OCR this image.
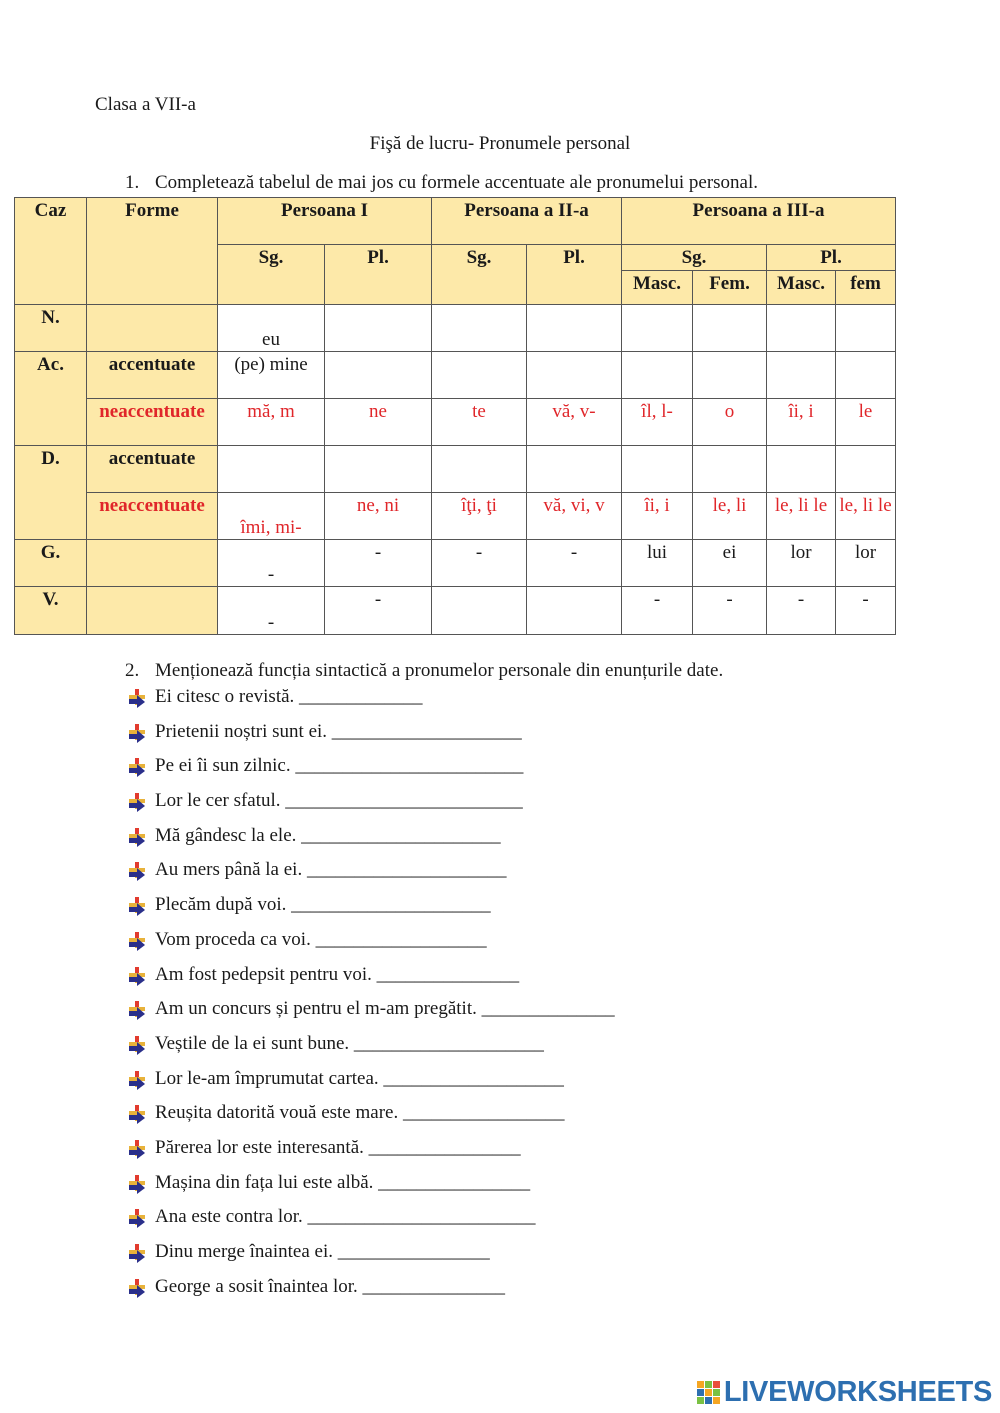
Clasa a VII-a
Fişă de lucru- Pronumele personal
1. Completează tabelul de mai jos cu formele accentuate ale pronumelui personal.
Caz	Forme	Persoana I		Persoana a II-a		Persoana a III-a			
		Sg.	Pl.	Sg.	Pl.	Sg.		Pl.	
						Masc.	Fem.	Masc.	fem
N.		eu							
Ac.	accentuate	(pe) mine							
	neaccentuate	mă, m	ne	te	vă, v-	îl, l-	o	îi, i	le
D.	accentuate								
	neaccentuate	îmi, mi-	ne, ni	îţi, ţi	vă, vi, v	îi, i	le, li	le, li le	le, li le
G.		-	-	-	-	lui	ei	lor	lor
V.		-	-			-	-	-	-
2. Menționează funcția sintactică a pronumelor personale din enunțurile date.
Ei citesc o revistă. _____________
Prietenii noștri sunt ei. ____________________
Pe ei îi sun zilnic. ________________________
Lor le cer sfatul. _________________________
Mă gândesc la ele. _____________________
Au mers până la ei. _____________________
Plecăm după voi. _____________________
Vom proceda ca voi. __________________
Am fost pedepsit pentru voi. _______________
Am un concurs și pentru el m-am pregătit. ______________
Veștile de la ei sunt bune. ____________________
Lor le-am împrumutat cartea. ___________________
Reușita datorită vouă este mare. _________________
Părerea lor este interesantă. ________________
Mașina din fața lui este albă. ________________
Ana este contra lor. ________________________
Dinu merge înaintea ei. ________________
George a sosit înaintea lor. _______________
LIVEWORKSHEETS
